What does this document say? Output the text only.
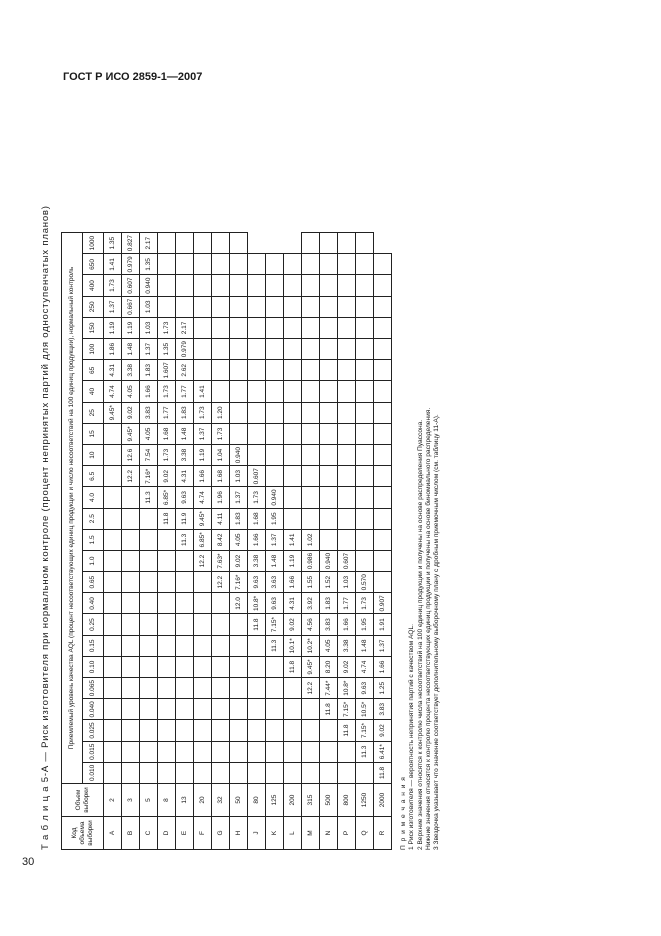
ГОСТ Р ИСО 2859-1—2007
Т а б л и ц а 5-А — Риск изготовителя при нормальном контроле (процент непринятых партий для одноступенчатых планов)	Код объема выборки	Объем выборки	Приемлемый уровень качества AQL (процент несоответствующих единиц продукции и число несоответствий на 100 единиц продукции), нормальный контроль																									
		0.010	0.015	0.025	0.040	0.065	0.10	0.15	0.25	0.40	0.65	1.0	1.5	2.5	4.0	6.5	10	15	25	40	65	100	150	250	400	650	1000
A	2																		9.45*	4.74	4.31	1.86	1.19	1.37	1.73	1.41	1.35
B	3															12.2	12.6	9.45*	9.02	4.05	3.38	1.48	1.19	0.667	0.607	0.979	0.827
C	5														11.3	7.16*	7.54	4.05	3.83	1.66	1.83	1.37	1.03	1.03	0.940	1.35	2.17
D	8													11.8	6.85*	9.02	1.73	1.68	1.77	1.73	1.607	1.35	1.73				
E	13												11.3	11.9	9.63	4.31	3.38	1.48	1.83	1.77	2.62	0.979	2.17				
F	20											12.2	6.85*	9.45*	4.74	1.66	1.19	1.37	1.73	1.41							
G	32										12.2	7.63*	8.42	4.11	1.96	1.68	1.04	1.73	1.20								
H	50									12.0	7.16*	9.02	4.05	1.83	1.37	1.03	0.940										
J	80								11.8	10.8*	9.63	3.38	1.66	1.68	1.73	0.607											
K	125							11.3	7.15*	9.63	3.63	1.48	1.37	1.95	0.940												
L	200						11.8	10.1*	9.02	4.31	1.66	1.19	1.41														
M	315					12.2	9.45*	10.2*	4.56	3.92	1.55	0.986	1.02														
N	500				11.8	7.44*	8.20	4.05	3.83	1.83	1.52	0.940															
P	800			11.8	7.15*	10.8*	9.02	3.38	1.66	1.77	1.03	0.607															
Q	1250		11.3	7.15*	10.5*	9.63	4.74	1.48	1.95	1.73	0.570																
R	2000	11.8	6.41*	9.02	3.83	1.25	1.66	1.37	1.91	0.907																	
П р и м е ч а н и я 1 Риск изготовителя — вероятность непринятия партий с качеством AQL. 2 Верхние значения относятся к контролю числа несоответствий на 100 единиц продукции и получены на основе распределения Пуассона. Нижние значения относятся к контролю процента несоответствующих единиц продукции и получены на основе биномиального распределения. 3 Звездочка указывает что значение соответствует дополнительному выборочному плану с дробным приемочным числом (см. таблицу 11-А).
30
